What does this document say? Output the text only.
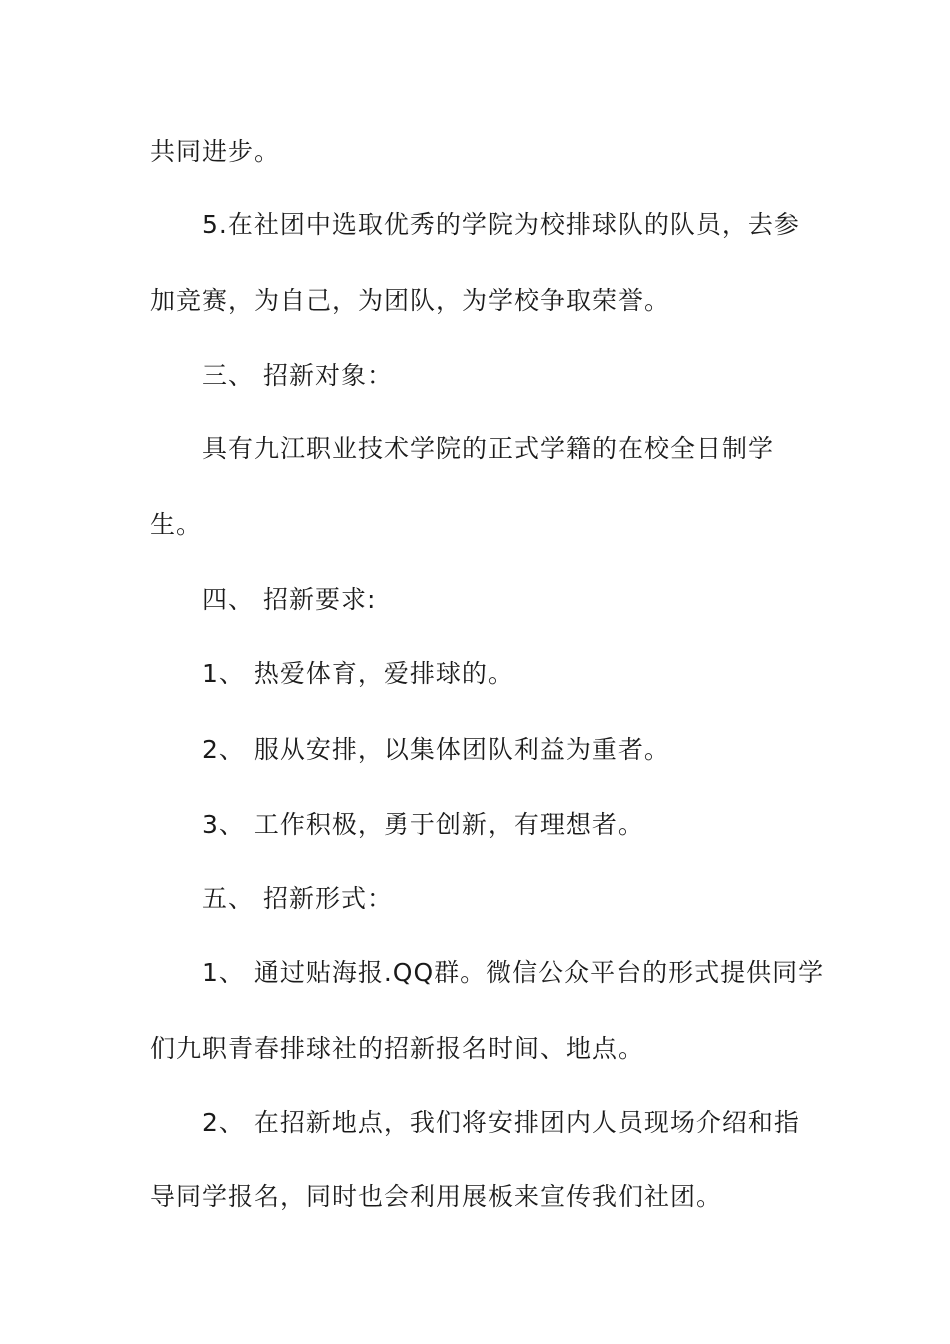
共同进步。
5.在社团中选取优秀的学院为校排球队的队员，去参
加竞赛，为自己，为团队，为学校争取荣誉。
三、 招新对象：
具有九江职业技术学院的正式学籍的在校全日制学
生。
四、 招新要求:
1、 热爱体育，爱排球的。
2、 服从安排，以集体团队利益为重者。
3、 工作积极，勇于创新，有理想者。
五、 招新形式：
1、 通过贴海报.QQ群。微信公众平台的形式提供同学
们九职青春排球社的招新报名时间、地点。
2、 在招新地点，我们将安排团内人员现场介绍和指
导同学报名，同时也会利用展板来宣传我们社团。
